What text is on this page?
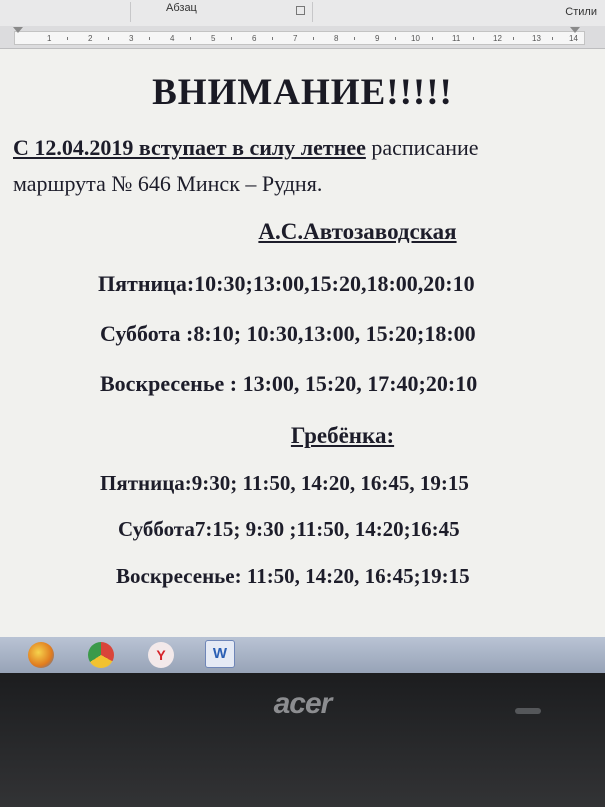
Абзац	Стили
1	2	3	4	5	6	7	8	9	10	11	12	13	14
ВНИМАНИЕ!!!!!
С 12.04.2019 вступает в силу летнее расписание
маршрута № 646 Минск – Рудня.
А.С.Автозаводская
Пятница:10:30;13:00,15:20,18:00,20:10
Суббота :8:10; 10:30,13:00, 15:20;18:00
Воскресенье : 13:00, 15:20, 17:40;20:10
Гребёнка:
Пятница:9:30; 11:50, 14:20, 16:45, 19:15
Суббота7:15; 9:30 ;11:50, 14:20;16:45
Воскресенье: 11:50, 14:20, 16:45;19:15
Y	W
acer
